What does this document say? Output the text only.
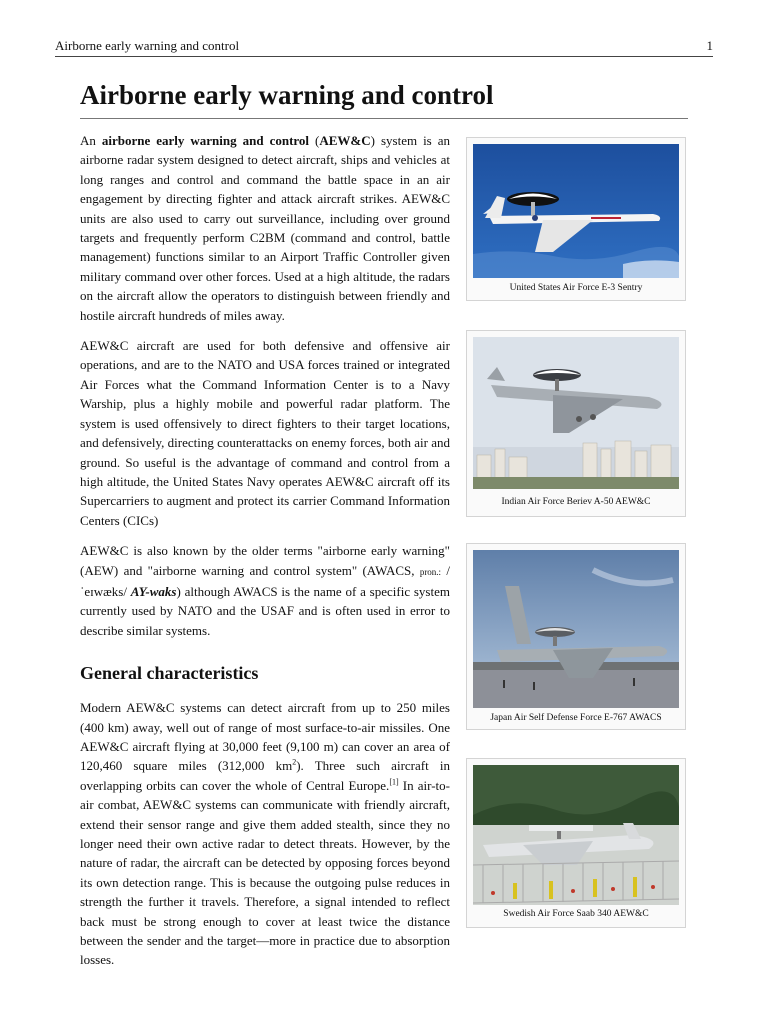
Airborne early warning and control	1
Airborne early warning and control

An airborne early warning and control (AEW&C) system is an airborne radar system designed to detect aircraft, ships and vehicles at long ranges and control and command the battle space in an air engagement by directing fighter and attack aircraft strikes. AEW&C units are also used to carry out surveillance, including over ground targets and frequently perform C2BM (command and control, battle management) functions similar to an Airport Traffic Controller given military command over other forces. Used at a high altitude, the radars on the aircraft allow the operators to distinguish between friendly and hostile aircraft hundreds of miles away.

AEW&C aircraft are used for both defensive and offensive air operations, and are to the NATO and USA forces trained or integrated Air Forces what the Command Information Center is to a Navy Warship, plus a highly mobile and powerful radar platform. The system is used offensively to direct fighters to their target locations, and defensively, directing counterattacks on enemy forces, both air and ground. So useful is the advantage of command and control from a high altitude, the United States Navy operates AEW&C aircraft off its Supercarriers to augment and protect its carrier Command Information Centers (CICs)

AEW&C is also known by the older terms "airborne early warning" (AEW) and "airborne warning and control system" (AWACS, pron.: /ˈeɪwæks/ AY-waks) although AWACS is the name of a specific system currently used by NATO and the USAF and is often used in error to describe similar systems.

General characteristics

Modern AEW&C systems can detect aircraft from up to 250 miles (400 km) away, well out of range of most surface-to-air missiles. One AEW&C aircraft flying at 30,000 feet (9,100 m) can cover an area of 120,460 square miles (312,000 $km^2$). Three such aircraft in overlapping orbits can cover the whole of Central Europe.[1] In air-to-air combat, AEW&C systems can communicate with friendly aircraft, extend their sensor range and give them added stealth, since they no longer need their own active radar to detect threats. However, by the nature of radar, the aircraft can be detected by opposing forces beyond its own detection range. This is because the outgoing pulse reduces in strength the further it travels. Therefore, a signal intended to reflect back must be strong enough to cover at least twice the distance between the sender and the target—more in practice due to absorption losses.

United States Air Force E-3 Sentry
Indian Air Force Beriev A-50 AEW&C
Japan Air Self Defense Force E-767 AWACS
Swedish Air Force Saab 340 AEW&C
